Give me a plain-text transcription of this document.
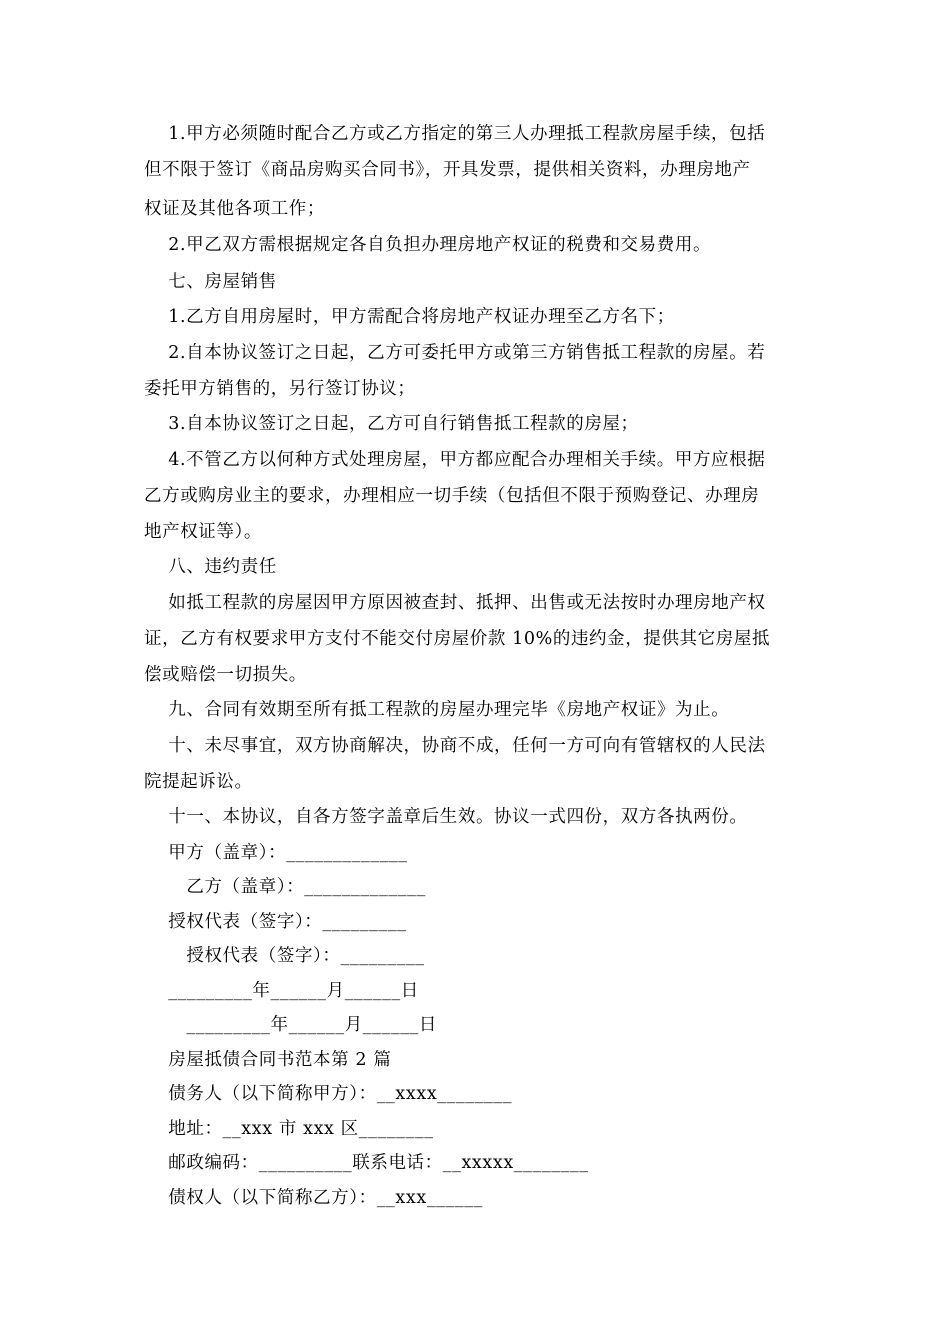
　 1.甲方必须随时配合乙方或乙方指定的第三人办理抵工程款房屋手续，包括
但不限于签订《商品房购买合同书》，开具发票，提供相关资料，办理房地产
权证及其他各项工作；
　 2.甲乙双方需根据规定各自负担办理房地产权证的税费和交易费用。
　 七、房屋销售
　 1.乙方自用房屋时，甲方需配合将房地产权证办理至乙方名下；
　 2.自本协议签订之日起，乙方可委托甲方或第三方销售抵工程款的房屋。若
委托甲方销售的，另行签订协议；
　 3.自本协议签订之日起，乙方可自行销售抵工程款的房屋；
　 4.不管乙方以何种方式处理房屋，甲方都应配合办理相关手续。甲方应根据
乙方或购房业主的要求，办理相应一切手续（包括但不限于预购登记、办理房
地产权证等）。
　 八、违约责任
　 如抵工程款的房屋因甲方原因被查封、抵押、出售或无法按时办理房地产权
证，乙方有权要求甲方支付不能交付房屋价款 10%的违约金，提供其它房屋抵
偿或赔偿一切损失。
　 九、合同有效期至所有抵工程款的房屋办理完毕《房地产权证》为止。
　 十、未尽事宜，双方协商解决，协商不成，任何一方可向有管辖权的人民法
院提起诉讼。
　 十一、本协议，自各方签字盖章后生效。协议一式四份，双方各执两份。
　 甲方（盖章）：_____________
　　 乙方（盖章）：_____________
　 授权代表（签字）：_________
　　 授权代表（签字）：_________
　 _________年______月______日
　　 _________年______月______日
　 房屋抵债合同书范本第 2 篇
　 债务人（以下简称甲方）：__xxxx________
　 地址：__xxx 市 xxx 区________
　 邮政编码：__________联系电话：__xxxxx________
　 债权人（以下简称乙方）：__xxx______
